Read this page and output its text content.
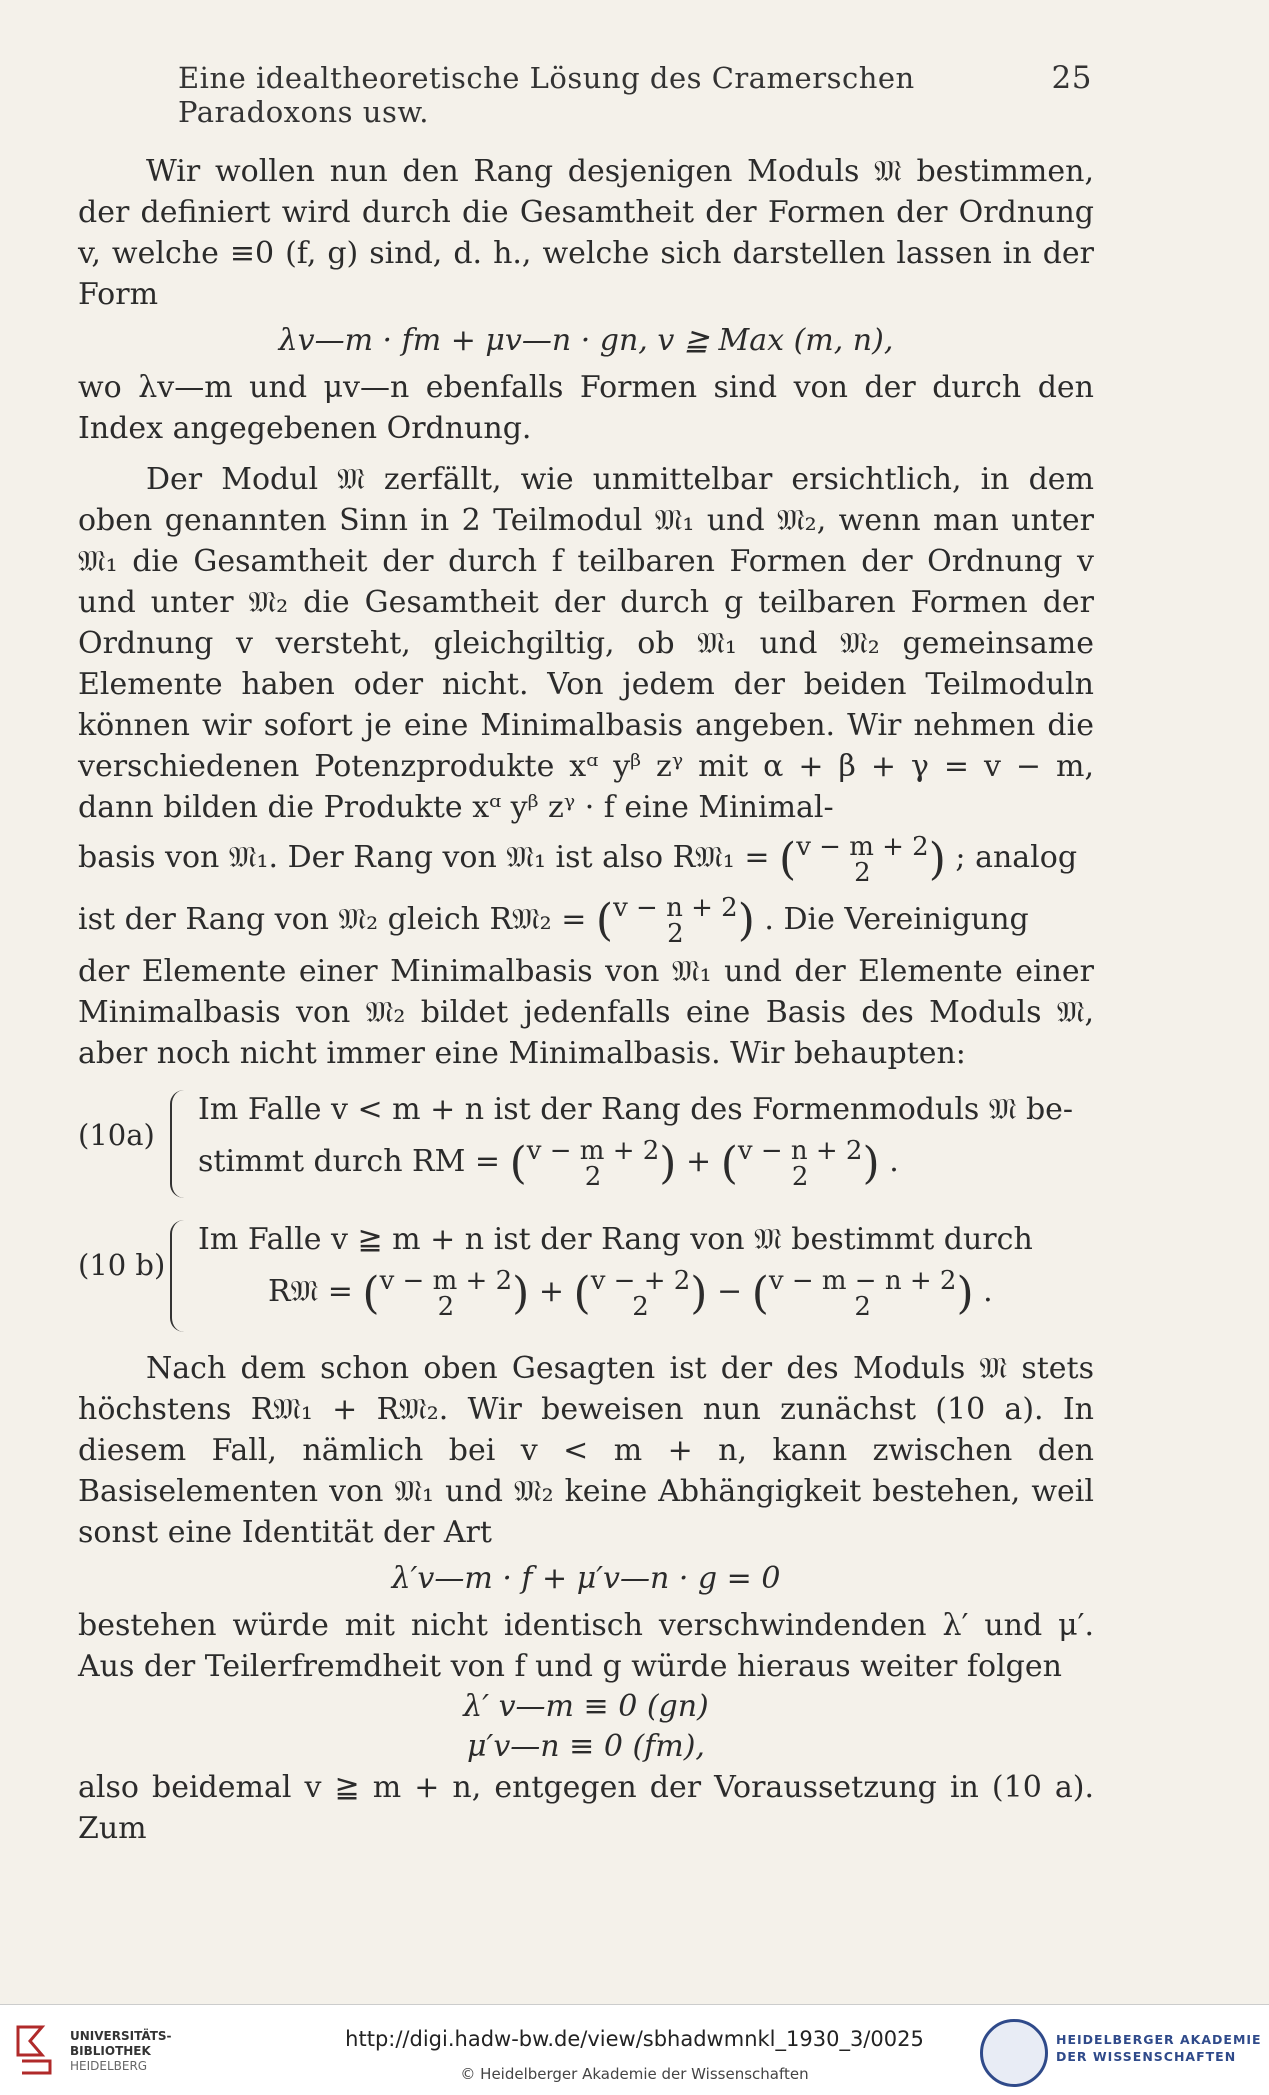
Eine idealtheoretische Lösung des Cramerschen Paradoxons usw.
25

Wir wollen nun den Rang desjenigen Moduls 𝔐 bestimmen, der definiert wird durch die Gesamtheit der Formen der Ordnung v, welche ≡0 (f, g) sind, d. h., welche sich darstellen lassen in der Form

λv—m · fm + μv—n · gn, v ≧ Max (m, n),

wo λv—m und μv—n ebenfalls Formen sind von der durch den Index angegebenen Ordnung.

Der Modul 𝔐 zerfällt, wie unmittelbar ersichtlich, in dem oben genannten Sinn in 2 Teilmodul 𝔐₁ und 𝔐₂, wenn man unter 𝔐₁ die Gesamtheit der durch f teilbaren Formen der Ordnung v und unter 𝔐₂ die Gesamtheit der durch g teilbaren Formen der Ordnung v versteht, gleichgiltig, ob 𝔐₁ und 𝔐₂ gemeinsame Elemente haben oder nicht. Von jedem der beiden Teilmoduln können wir sofort je eine Minimalbasis angeben. Wir nehmen die verschiedenen Potenzprodukte xᵅ yᵝ zᵞ mit α + β + γ = v − m, dann bilden die Produkte xᵅ yᵝ zᵞ · f eine Minimal-

basis von 𝔐₁. Der Rang von 𝔐₁ ist also R𝔐₁ = (v − m + 2
2 ) ; analog
ist der Rang von 𝔐₂ gleich R𝔐₂ = (v − n + 2
2 ) . Die Vereinigung

der Elemente einer Minimalbasis von 𝔐₁ und der Elemente einer Minimalbasis von 𝔐₂ bildet jedenfalls eine Basis des Moduls 𝔐, aber noch nicht immer eine Minimalbasis. Wir behaupten:

(10a)
Im Falle v < m + n ist der Rang des Formenmoduls 𝔐 be-
stimmt durch RM = (v − m + 2
2 ) + (v − n + 2
2 ) .
(10 b)
Im Falle v ≧ m + n ist der Rang von 𝔐 bestimmt durch
R𝔐 = (v − m + 2
2 ) + (v − + 2
2 ) − (v − m − n + 2
2 ) .

Nach dem schon oben Gesagten ist der des Moduls 𝔐 stets höchstens R𝔐₁ + R𝔐₂. Wir beweisen nun zunächst (10 a). In diesem Fall, nämlich bei v < m + n, kann zwischen den Basiselementen von 𝔐₁ und 𝔐₂ keine Abhängigkeit bestehen, weil sonst eine Identität der Art

λ′v—m · f + μ′v—n · g = 0

bestehen würde mit nicht identisch verschwindenden λ′ und μ′. Aus der Teilerfremdheit von f und g würde hieraus weiter folgen

λ′ v—m ≡ 0 (gn)
μ′v—n ≡ 0 (fm),

also beidemal v ≧ m + n, entgegen der Voraussetzung in (10 a). Zum

UNIVERSITÄTS-
BIBLIOTHEK
HEIDELBERG
http://digi.hadw-bw.de/view/sbhadwmnkl_1930_3/0025
© Heidelberger Akademie der Wissenschaften
HEIDELBERGER AKADEMIE
DER WISSENSCHAFTEN
